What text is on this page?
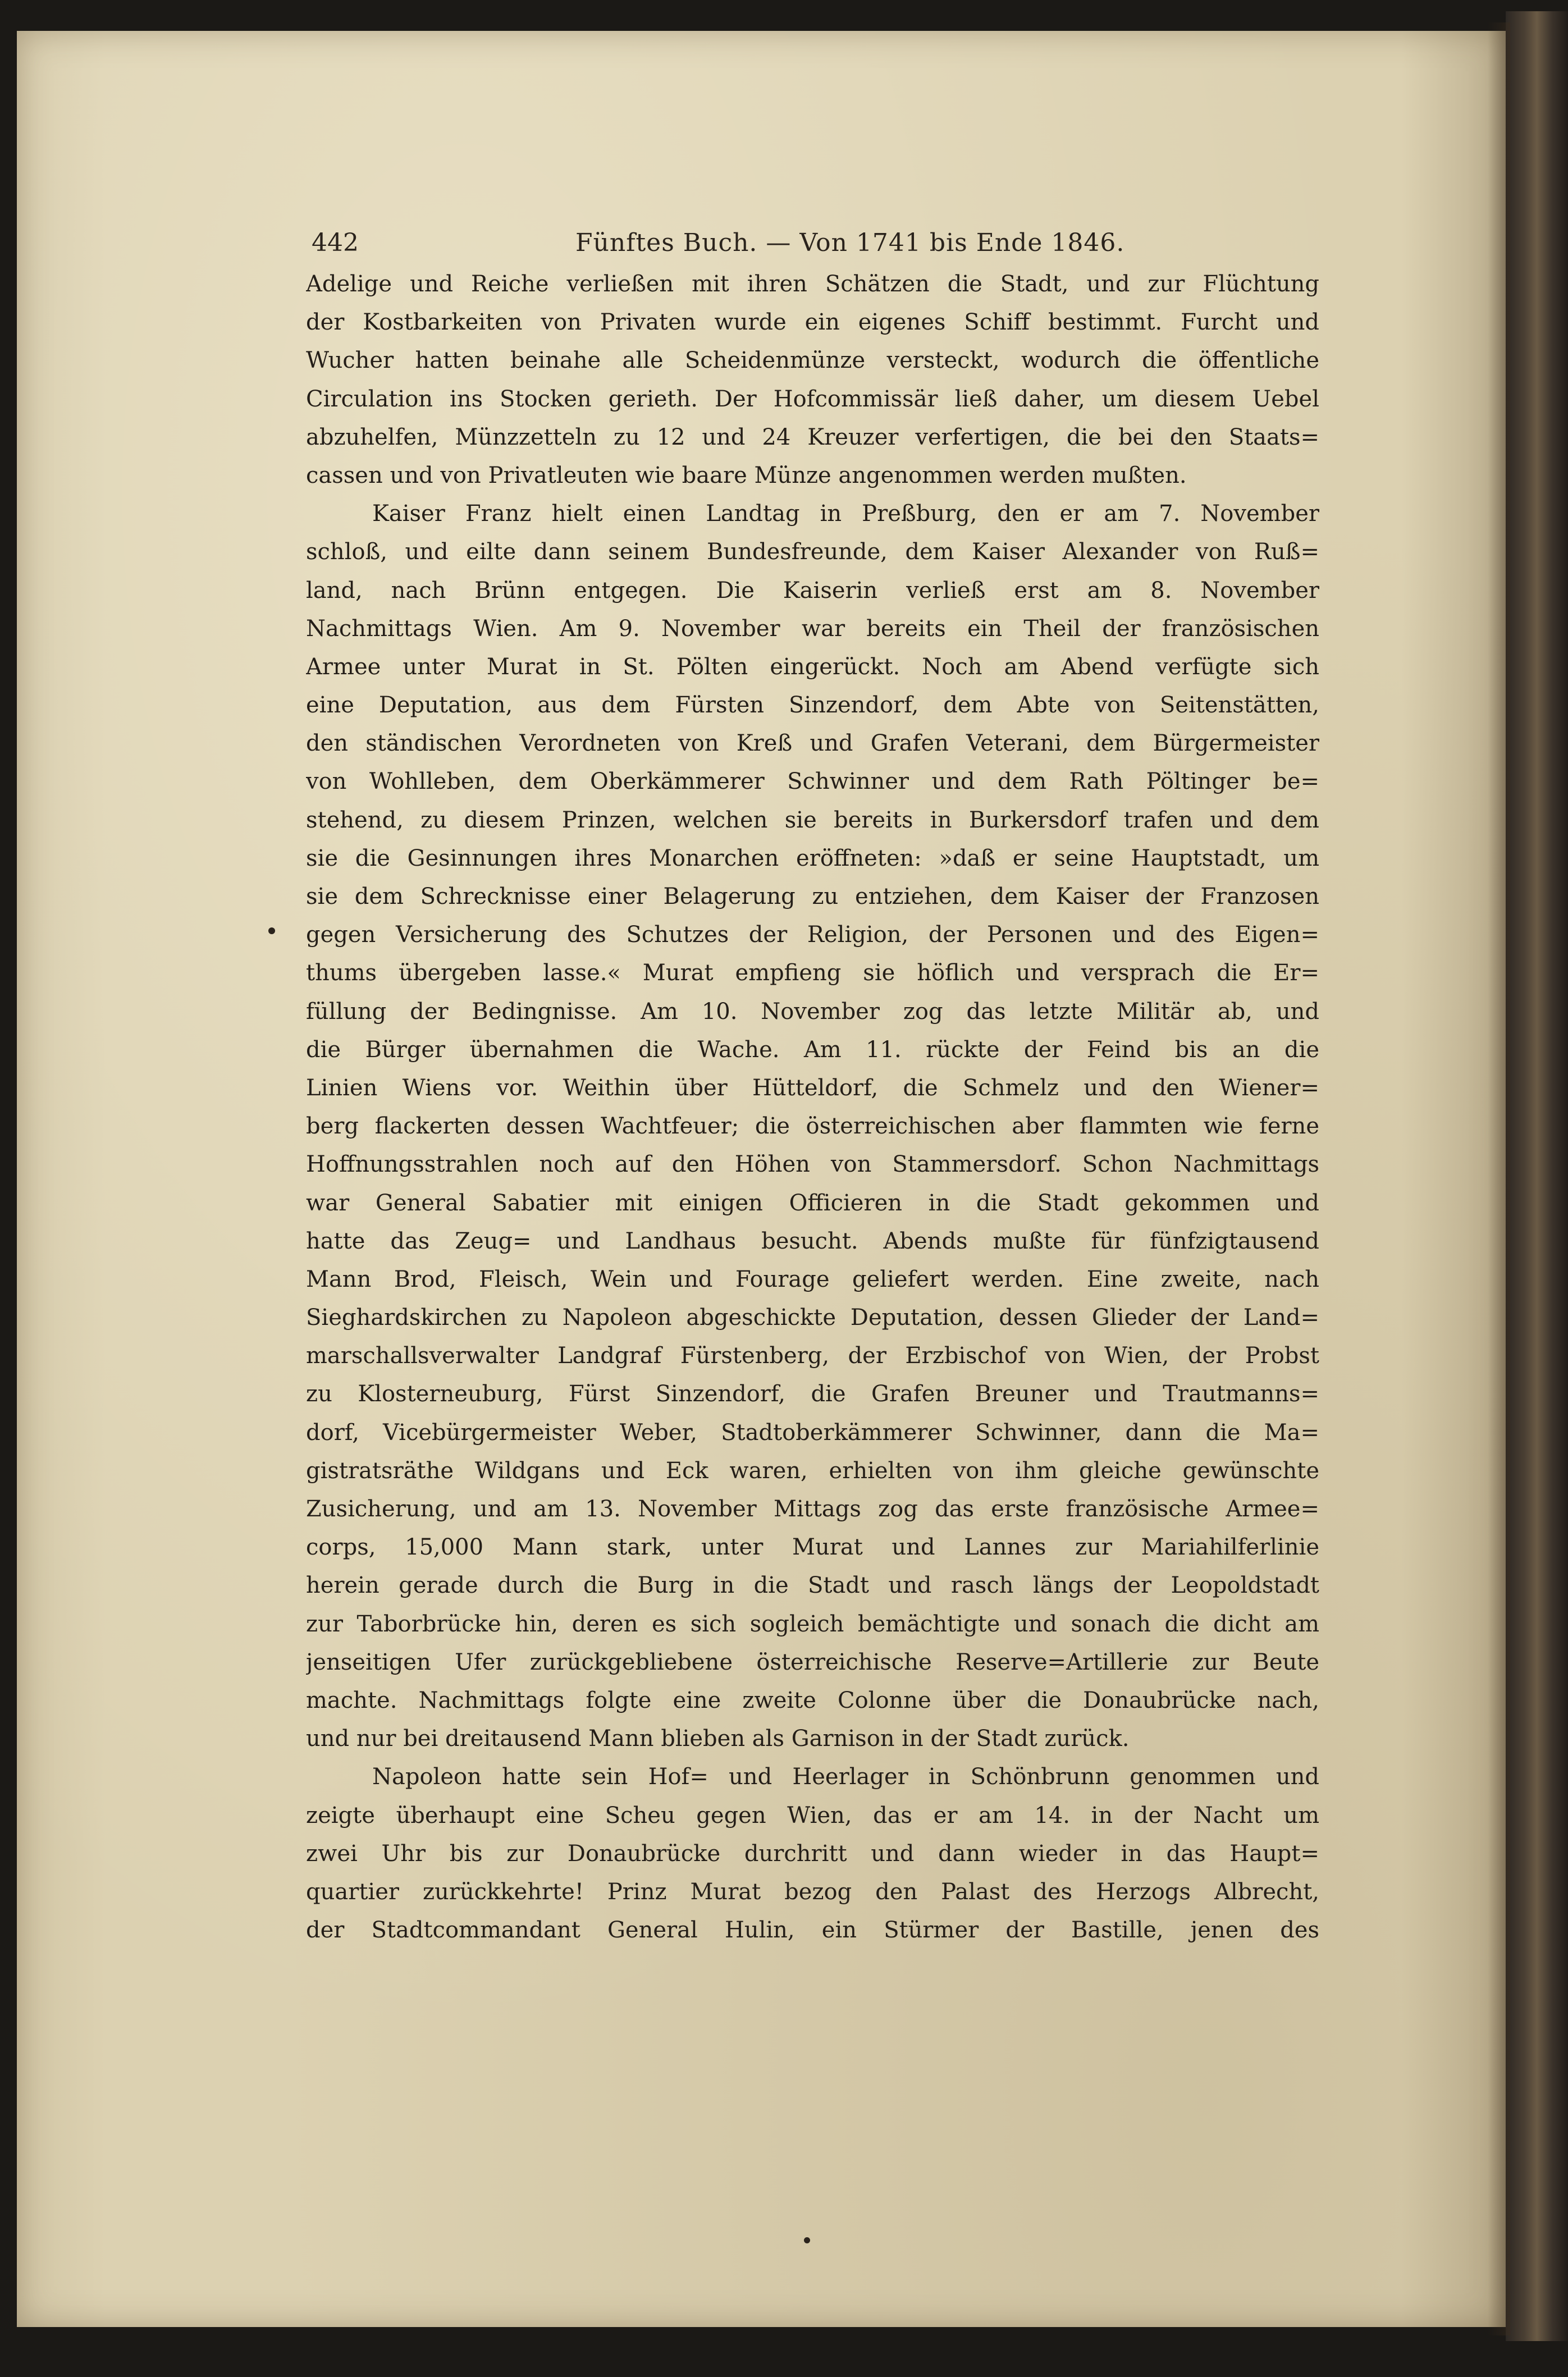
442	Fünftes Buch. — Von 1741 bis Ende 1846.
Adelige und Reiche verließen mit ihren Schätzen die Stadt, und zur Flüchtung
der Kostbarkeiten von Privaten wurde ein eigenes Schiff bestimmt. Furcht und
Wucher hatten beinahe alle Scheidenmünze versteckt, wodurch die öffentliche
Circulation ins Stocken gerieth. Der Hofcommissär ließ daher, um diesem Uebel
abzuhelfen, Münzzetteln zu 12 und 24 Kreuzer verfertigen, die bei den Staats=
cassen und von Privatleuten wie baare Münze angenommen werden mußten.
Kaiser Franz hielt einen Landtag in Preßburg, den er am 7. November
schloß, und eilte dann seinem Bundesfreunde, dem Kaiser Alexander von Ruß=
land, nach Brünn entgegen. Die Kaiserin verließ erst am 8. November
Nachmittags Wien. Am 9. November war bereits ein Theil der französischen
Armee unter Murat in St. Pölten eingerückt. Noch am Abend verfügte sich
eine Deputation, aus dem Fürsten Sinzendorf, dem Abte von Seitenstätten,
den ständischen Verordneten von Kreß und Grafen Veterani, dem Bürgermeister
von Wohlleben, dem Oberkämmerer Schwinner und dem Rath Pöltinger be=
stehend, zu diesem Prinzen, welchen sie bereits in Burkersdorf trafen und dem
sie die Gesinnungen ihres Monarchen eröffneten: »daß er seine Hauptstadt, um
sie dem Schrecknisse einer Belagerung zu entziehen, dem Kaiser der Franzosen
gegen Versicherung des Schutzes der Religion, der Personen und des Eigen=
thums übergeben lasse.« Murat empfieng sie höflich und versprach die Er=
füllung der Bedingnisse. Am 10. November zog das letzte Militär ab, und
die Bürger übernahmen die Wache. Am 11. rückte der Feind bis an die
Linien Wiens vor. Weithin über Hütteldorf, die Schmelz und den Wiener=
berg flackerten dessen Wachtfeuer; die österreichischen aber flammten wie ferne
Hoffnungsstrahlen noch auf den Höhen von Stammersdorf. Schon Nachmittags
war General Sabatier mit einigen Officieren in die Stadt gekommen und
hatte das Zeug= und Landhaus besucht. Abends mußte für fünfzigtausend
Mann Brod, Fleisch, Wein und Fourage geliefert werden. Eine zweite, nach
Sieghardskirchen zu Napoleon abgeschickte Deputation, dessen Glieder der Land=
marschallsverwalter Landgraf Fürstenberg, der Erzbischof von Wien, der Probst
zu Klosterneuburg, Fürst Sinzendorf, die Grafen Breuner und Trautmanns=
dorf, Vicebürgermeister Weber, Stadtoberkämmerer Schwinner, dann die Ma=
gistratsräthe Wildgans und Eck waren, erhielten von ihm gleiche gewünschte
Zusicherung, und am 13. November Mittags zog das erste französische Armee=
corps, 15,000 Mann stark, unter Murat und Lannes zur Mariahilferlinie
herein gerade durch die Burg in die Stadt und rasch längs der Leopoldstadt
zur Taborbrücke hin, deren es sich sogleich bemächtigte und sonach die dicht am
jenseitigen Ufer zurückgebliebene österreichische Reserve=Artillerie zur Beute
machte. Nachmittags folgte eine zweite Colonne über die Donaubrücke nach,
und nur bei dreitausend Mann blieben als Garnison in der Stadt zurück.
Napoleon hatte sein Hof= und Heerlager in Schönbrunn genommen und
zeigte überhaupt eine Scheu gegen Wien, das er am 14. in der Nacht um
zwei Uhr bis zur Donaubrücke durchritt und dann wieder in das Haupt=
quartier zurückkehrte! Prinz Murat bezog den Palast des Herzogs Albrecht,
der Stadtcommandant General Hulin, ein Stürmer der Bastille, jenen des
